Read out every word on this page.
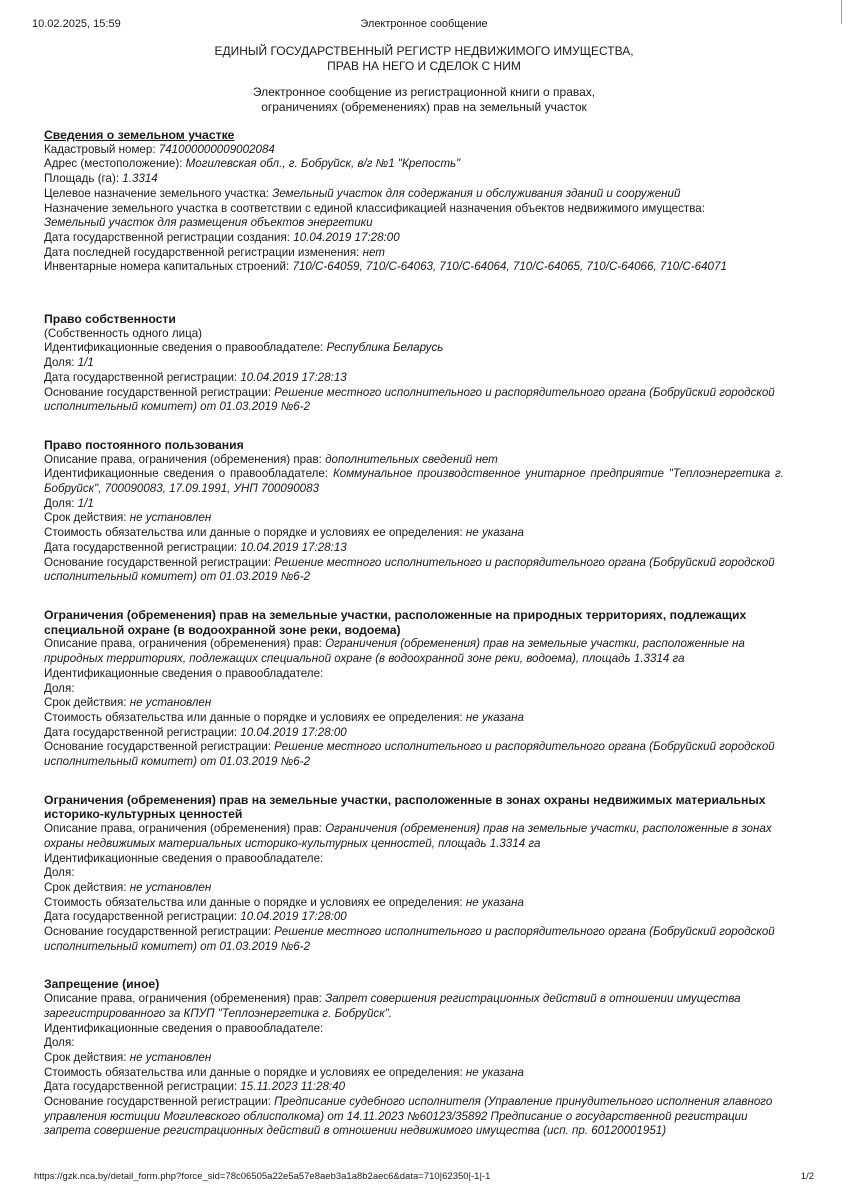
10.02.2025, 15:59	Электронное сообщение
ЕДИНЫЙ ГОСУДАРСТВЕННЫЙ РЕГИСТР НЕДВИЖИМОГО ИМУЩЕСТВА,
ПРАВ НА НЕГО И СДЕЛОК С НИМ
Электронное сообщение из регистрационной книги о правах,
ограничениях (обременениях) прав на земельный участок
Сведения о земельном участке
Кадастровый номер: 741000000009002084
Адрес (местоположение): Могилевская обл., г. Бобруйск, в/г №1 "Крепость"
Площадь (га): 1.3314
Целевое назначение земельного участка: Земельный участок для содержания и обслуживания зданий и сооружений
Назначение земельного участка в соответствии с единой классификацией назначения объектов недвижимого имущества:
Земельный участок для размещения объектов энергетики
Дата государственной регистрации создания: 10.04.2019 17:28:00
Дата последней государственной регистрации изменения: нет
Инвентарные номера капитальных строений: 710/C-64059, 710/C-64063, 710/C-64064, 710/C-64065, 710/C-64066, 710/C-64071
Право собственности
(Собственность одного лица)
Идентификационные сведения о правообладателе: Республика Беларусь
Доля: 1/1
Дата государственной регистрации: 10.04.2019 17:28:13
Основание государственной регистрации: Решение местного исполнительного и распорядительного органа (Бобруйский городской исполнительный комитет) от 01.03.2019 №6-2
Право постоянного пользования
Описание права, ограничения (обременения) прав: дополнительных сведений нет
Идентификационные сведения о правообладателе: Коммунальное производственное унитарное предприятие "Теплоэнергетика г. Бобруйск", 700090083, 17.09.1991, УНП 700090083
Доля: 1/1
Срок действия: не установлен
Стоимость обязательства или данные о порядке и условиях ее определения: не указана
Дата государственной регистрации: 10.04.2019 17:28:13
Основание государственной регистрации: Решение местного исполнительного и распорядительного органа (Бобруйский городской исполнительный комитет) от 01.03.2019 №6-2
Ограничения (обременения) прав на земельные участки, расположенные на природных территориях, подлежащих специальной охране (в водоохранной зоне реки, водоема)
Описание права, ограничения (обременения) прав: Ограничения (обременения) прав на земельные участки, расположенные на природных территориях, подлежащих специальной охране (в водоохранной зоне реки, водоема), площадь 1.3314 га
Идентификационные сведения о правообладателе:
Доля:
Срок действия: не установлен
Стоимость обязательства или данные о порядке и условиях ее определения: не указана
Дата государственной регистрации: 10.04.2019 17:28:00
Основание государственной регистрации: Решение местного исполнительного и распорядительного органа (Бобруйский городской исполнительный комитет) от 01.03.2019 №6-2
Ограничения (обременения) прав на земельные участки, расположенные в зонах охраны недвижимых материальных историко-культурных ценностей
Описание права, ограничения (обременения) прав: Ограничения (обременения) прав на земельные участки, расположенные в зонах охраны недвижимых материальных историко-культурных ценностей, площадь 1.3314 га
Идентификационные сведения о правообладателе:
Доля:
Срок действия: не установлен
Стоимость обязательства или данные о порядке и условиях ее определения: не указана
Дата государственной регистрации: 10.04.2019 17:28:00
Основание государственной регистрации: Решение местного исполнительного и распорядительного органа (Бобруйский городской исполнительный комитет) от 01.03.2019 №6-2
Запрещение (иное)
Описание права, ограничения (обременения) прав: Запрет совершения регистрационных действий в отношении имущества зарегистрированного за КПУП "Теплоэнергетика г. Бобруйск".
Идентификационные сведения о правообладателе:
Доля:
Срок действия: не установлен
Стоимость обязательства или данные о порядке и условиях ее определения: не указана
Дата государственной регистрации: 15.11.2023 11:28:40
Основание государственной регистрации: Предписание судебного исполнителя (Управление принудительного исполнения главного управления юстиции Могилевского облисполкома) от 14.11.2023 №60123/35892 Предписание о государственной регистрации запрета совершение регистрационных действий в отношении недвижимого имущества (исп. пр. 60120001951)
https://gzk.nca.by/detail_form.php?force_sid=78c06505a22e5a57e8aeb3a1a8b2aec6&data=710|62350|-1|-1	1/2
